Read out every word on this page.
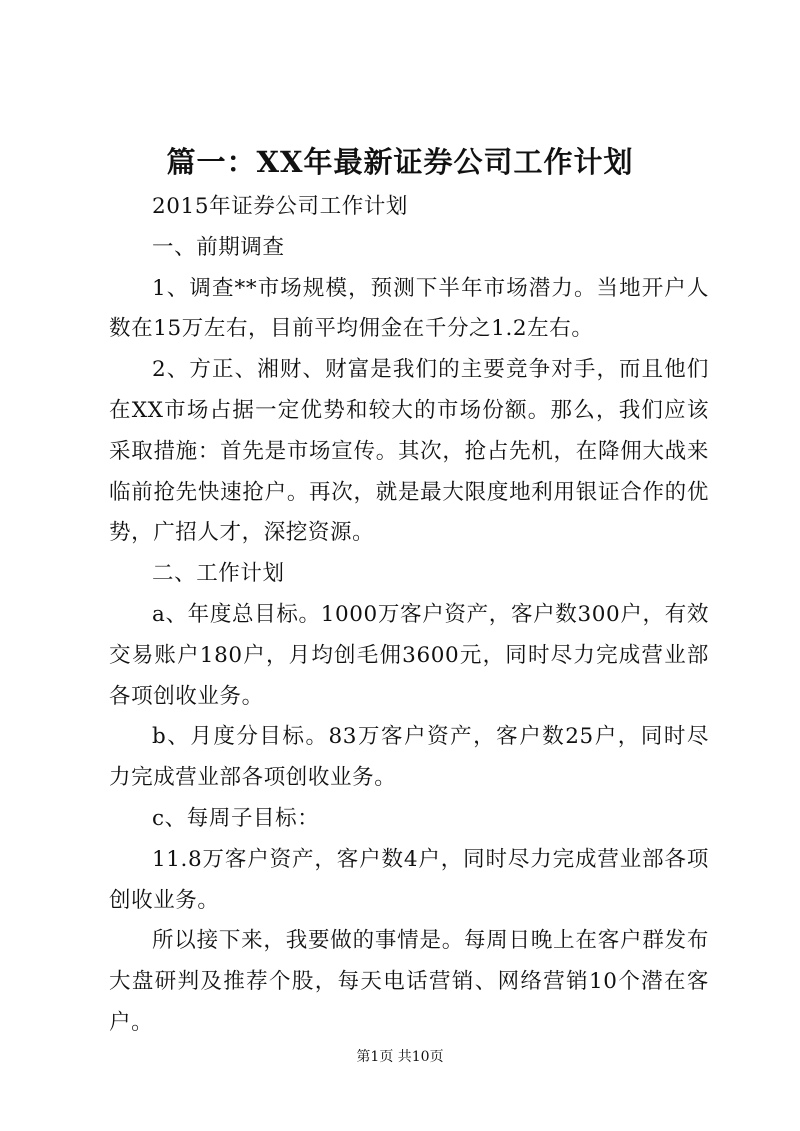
篇一：XX年最新证券公司工作计划

2015年证券公司工作计划

一、前期调查

1、调查**市场规模，预测下半年市场潜力。当地开户人数在15万左右，目前平均佣金在千分之1.2左右。

2、方正、湘财、财富是我们的主要竞争对手，而且他们在XX市场占据一定优势和较大的市场份额。那么，我们应该采取措施：首先是市场宣传。其次，抢占先机，在降佣大战来临前抢先快速抢户。再次，就是最大限度地利用银证合作的优势，广招人才，深挖资源。

二、工作计划

a、年度总目标。1000万客户资产，客户数300户，有效交易账户180户，月均创毛佣3600元，同时尽力完成营业部各项创收业务。

b、月度分目标。83万客户资产，客户数25户，同时尽力完成营业部各项创收业务。

c、每周子目标：

11.8万客户资产，客户数4户，同时尽力完成营业部各项创收业务。

所以接下来，我要做的事情是。每周日晚上在客户群发布大盘研判及推荐个股，每天电话营销、网络营销10个潜在客户。

第1页 共10页
